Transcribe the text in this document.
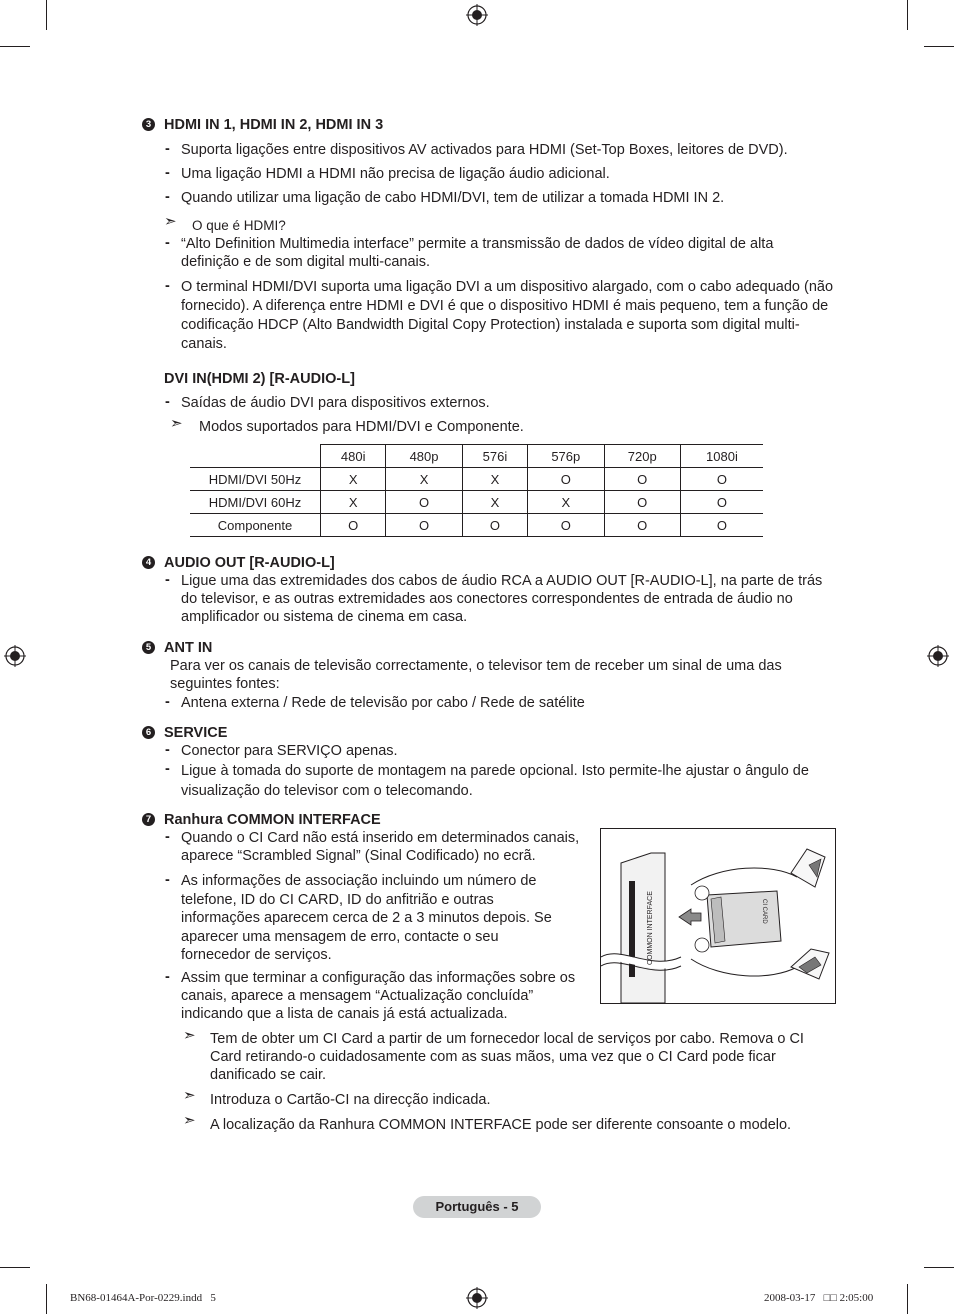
3 HDMI IN 1, HDMI IN 2, HDMI IN 3
- Suporta ligações entre dispositivos AV activados para HDMI (Set-Top Boxes, leitores de DVD).
- Uma ligação HDMI a HDMI não precisa de ligação áudio adicional.
- Quando utilizar uma ligação de cabo HDMI/DVI, tem de utilizar a tomada HDMI IN 2.
➣ O que é HDMI?
- “Alto Definition Multimedia interface” permite a transmissão de dados de vídeo digital de alta definição e de som digital multi-canais.
- O terminal HDMI/DVI suporta uma ligação DVI a um dispositivo alargado, com o cabo adequado (não fornecido). A diferença entre HDMI e DVI é que o dispositivo HDMI é mais pequeno, tem a função de codificação HDCP (Alto Bandwidth Digital Copy Protection) instalada e suporta som digital multi-canais.
DVI IN(HDMI 2) [R-AUDIO-L]
- Saídas de áudio DVI para dispositivos externos.
➣ Modos suportados para HDMI/DVI e Componente.
	480i	480p	576i	576p	720p	1080i
HDMI/DVI 50Hz	X	X	X	O	O	O
HDMI/DVI 60Hz	X	O	X	X	O	O
Componente	O	O	O	O	O	O
4 AUDIO OUT [R-AUDIO-L]
- Ligue uma das extremidades dos cabos de áudio RCA a AUDIO OUT [R-AUDIO-L], na parte de trás do televisor, e as outras extremidades aos conectores correspondentes de entrada de áudio no amplificador ou sistema de cinema em casa.
5 ANT IN
Para ver os canais de televisão correctamente, o televisor tem de receber um sinal de uma das seguintes fontes:
- Antena externa / Rede de televisão por cabo / Rede de satélite
6 SERVICE
- Conector para SERVIÇO apenas.
- Ligue à tomada do suporte de montagem na parede opcional. Isto permite-lhe ajustar o ângulo de visualização do televisor com o telecomando.
7 Ranhura COMMON INTERFACE
- Quando o CI Card não está inserido em determinados canais, aparece “Scrambled Signal” (Sinal Codificado) no ecrã.
- As informações de associação incluindo um número de telefone, ID do CI CARD, ID do anfitrião e outras informações aparecem cerca de 2 a 3 minutos depois. Se aparecer uma mensagem de erro, contacte o seu fornecedor de serviços.
- Assim que terminar a configuração das informações sobre os canais, aparece a mensagem “Actualização concluída” indicando que a lista de canais já está actualizada.
COMMON INTERFACE	CI CARD
➣ Tem de obter um CI Card a partir de um fornecedor local de serviços por cabo. Remova o CI Card retirando-o cuidadosamente com as suas mãos, uma vez que o CI Card pode ficar danificado se cair.
➣ Introduza o Cartão-CI na direcção indicada.
➣ A localização da Ranhura COMMON INTERFACE pode ser diferente consoante o modelo.
Português - 5
BN68-01464A-Por-0229.indd   5	2008-03-17   □□ 2:05:00
